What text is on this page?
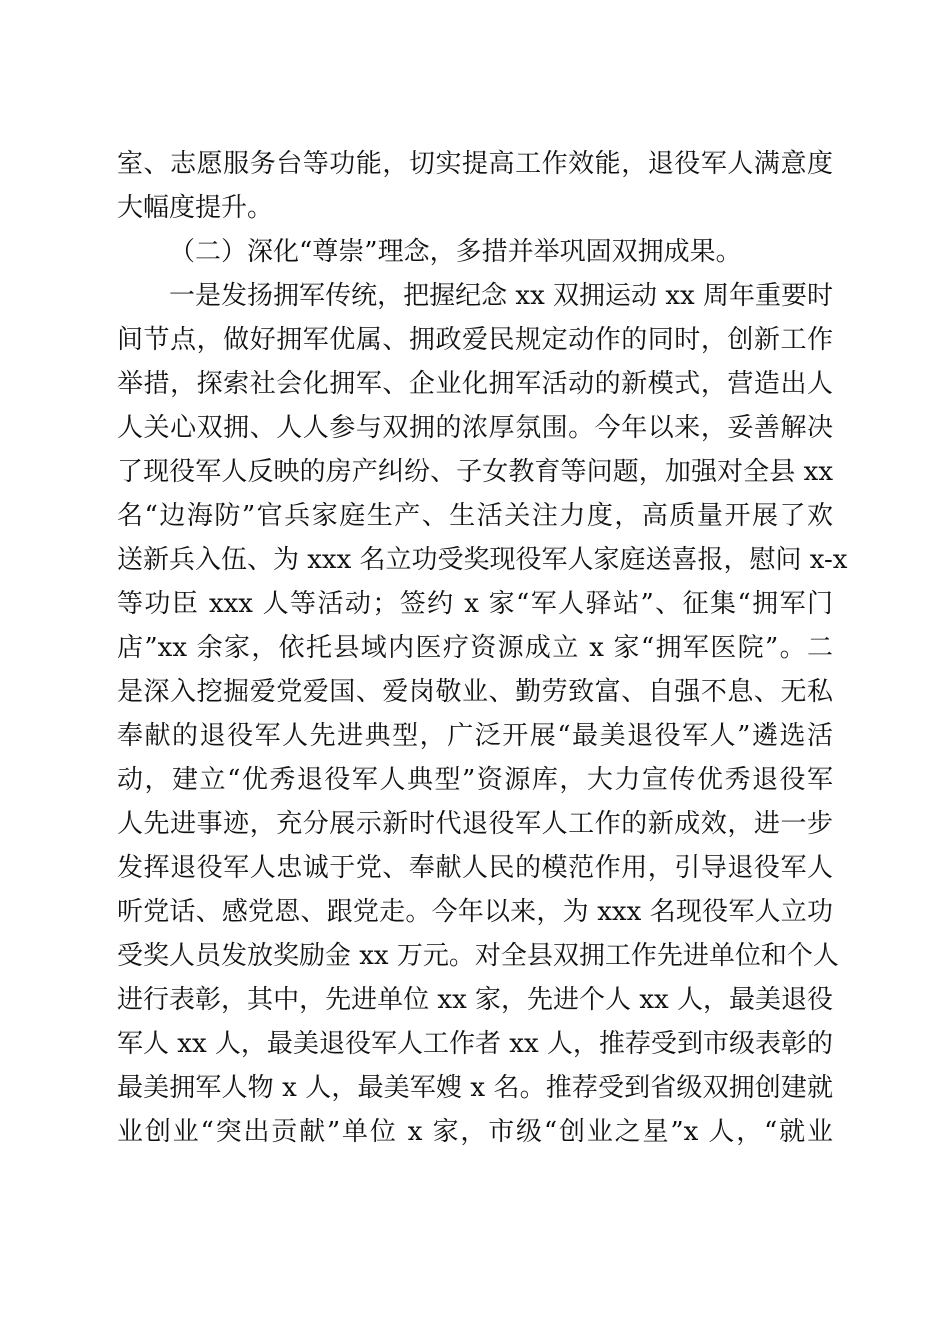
室、志愿服务台等功能，切实提高工作效能，退役军人满意度
大幅度提升。
（二）深化“尊崇”理念，多措并举巩固双拥成果。
一是发扬拥军传统，把握纪念 xx 双拥运动 xx 周年重要时
间节点，做好拥军优属、拥政爱民规定动作的同时，创新工作
举措，探索社会化拥军、企业化拥军活动的新模式，营造出人
人关心双拥、人人参与双拥的浓厚氛围。今年以来，妥善解决
了现役军人反映的房产纠纷、子女教育等问题，加强对全县 xx
名“边海防”官兵家庭生产、生活关注力度，高质量开展了欢
送新兵入伍、为 xxx 名立功受奖现役军人家庭送喜报，慰问 x-x
等功臣 xxx 人等活动；签约 x 家“军人驿站”、征集“拥军门
店”xx 余家，依托县域内医疗资源成立 x 家“拥军医院”。二
是深入挖掘爱党爱国、爱岗敬业、勤劳致富、自强不息、无私
奉献的退役军人先进典型，广泛开展“最美退役军人”遴选活
动，建立“优秀退役军人典型”资源库，大力宣传优秀退役军
人先进事迹，充分展示新时代退役军人工作的新成效，进一步
发挥退役军人忠诚于党、奉献人民的模范作用，引导退役军人
听党话、感党恩、跟党走。今年以来，为 xxx 名现役军人立功
受奖人员发放奖励金 xx 万元。对全县双拥工作先进单位和个人
进行表彰，其中，先进单位 xx 家，先进个人 xx 人，最美退役
军人 xx 人，最美退役军人工作者 xx 人，推荐受到市级表彰的
最美拥军人物 x 人，最美军嫂 x 名。推荐受到省级双拥创建就
业创业“突出贡献”单位 x 家，市级“创业之星”x 人，“就业
